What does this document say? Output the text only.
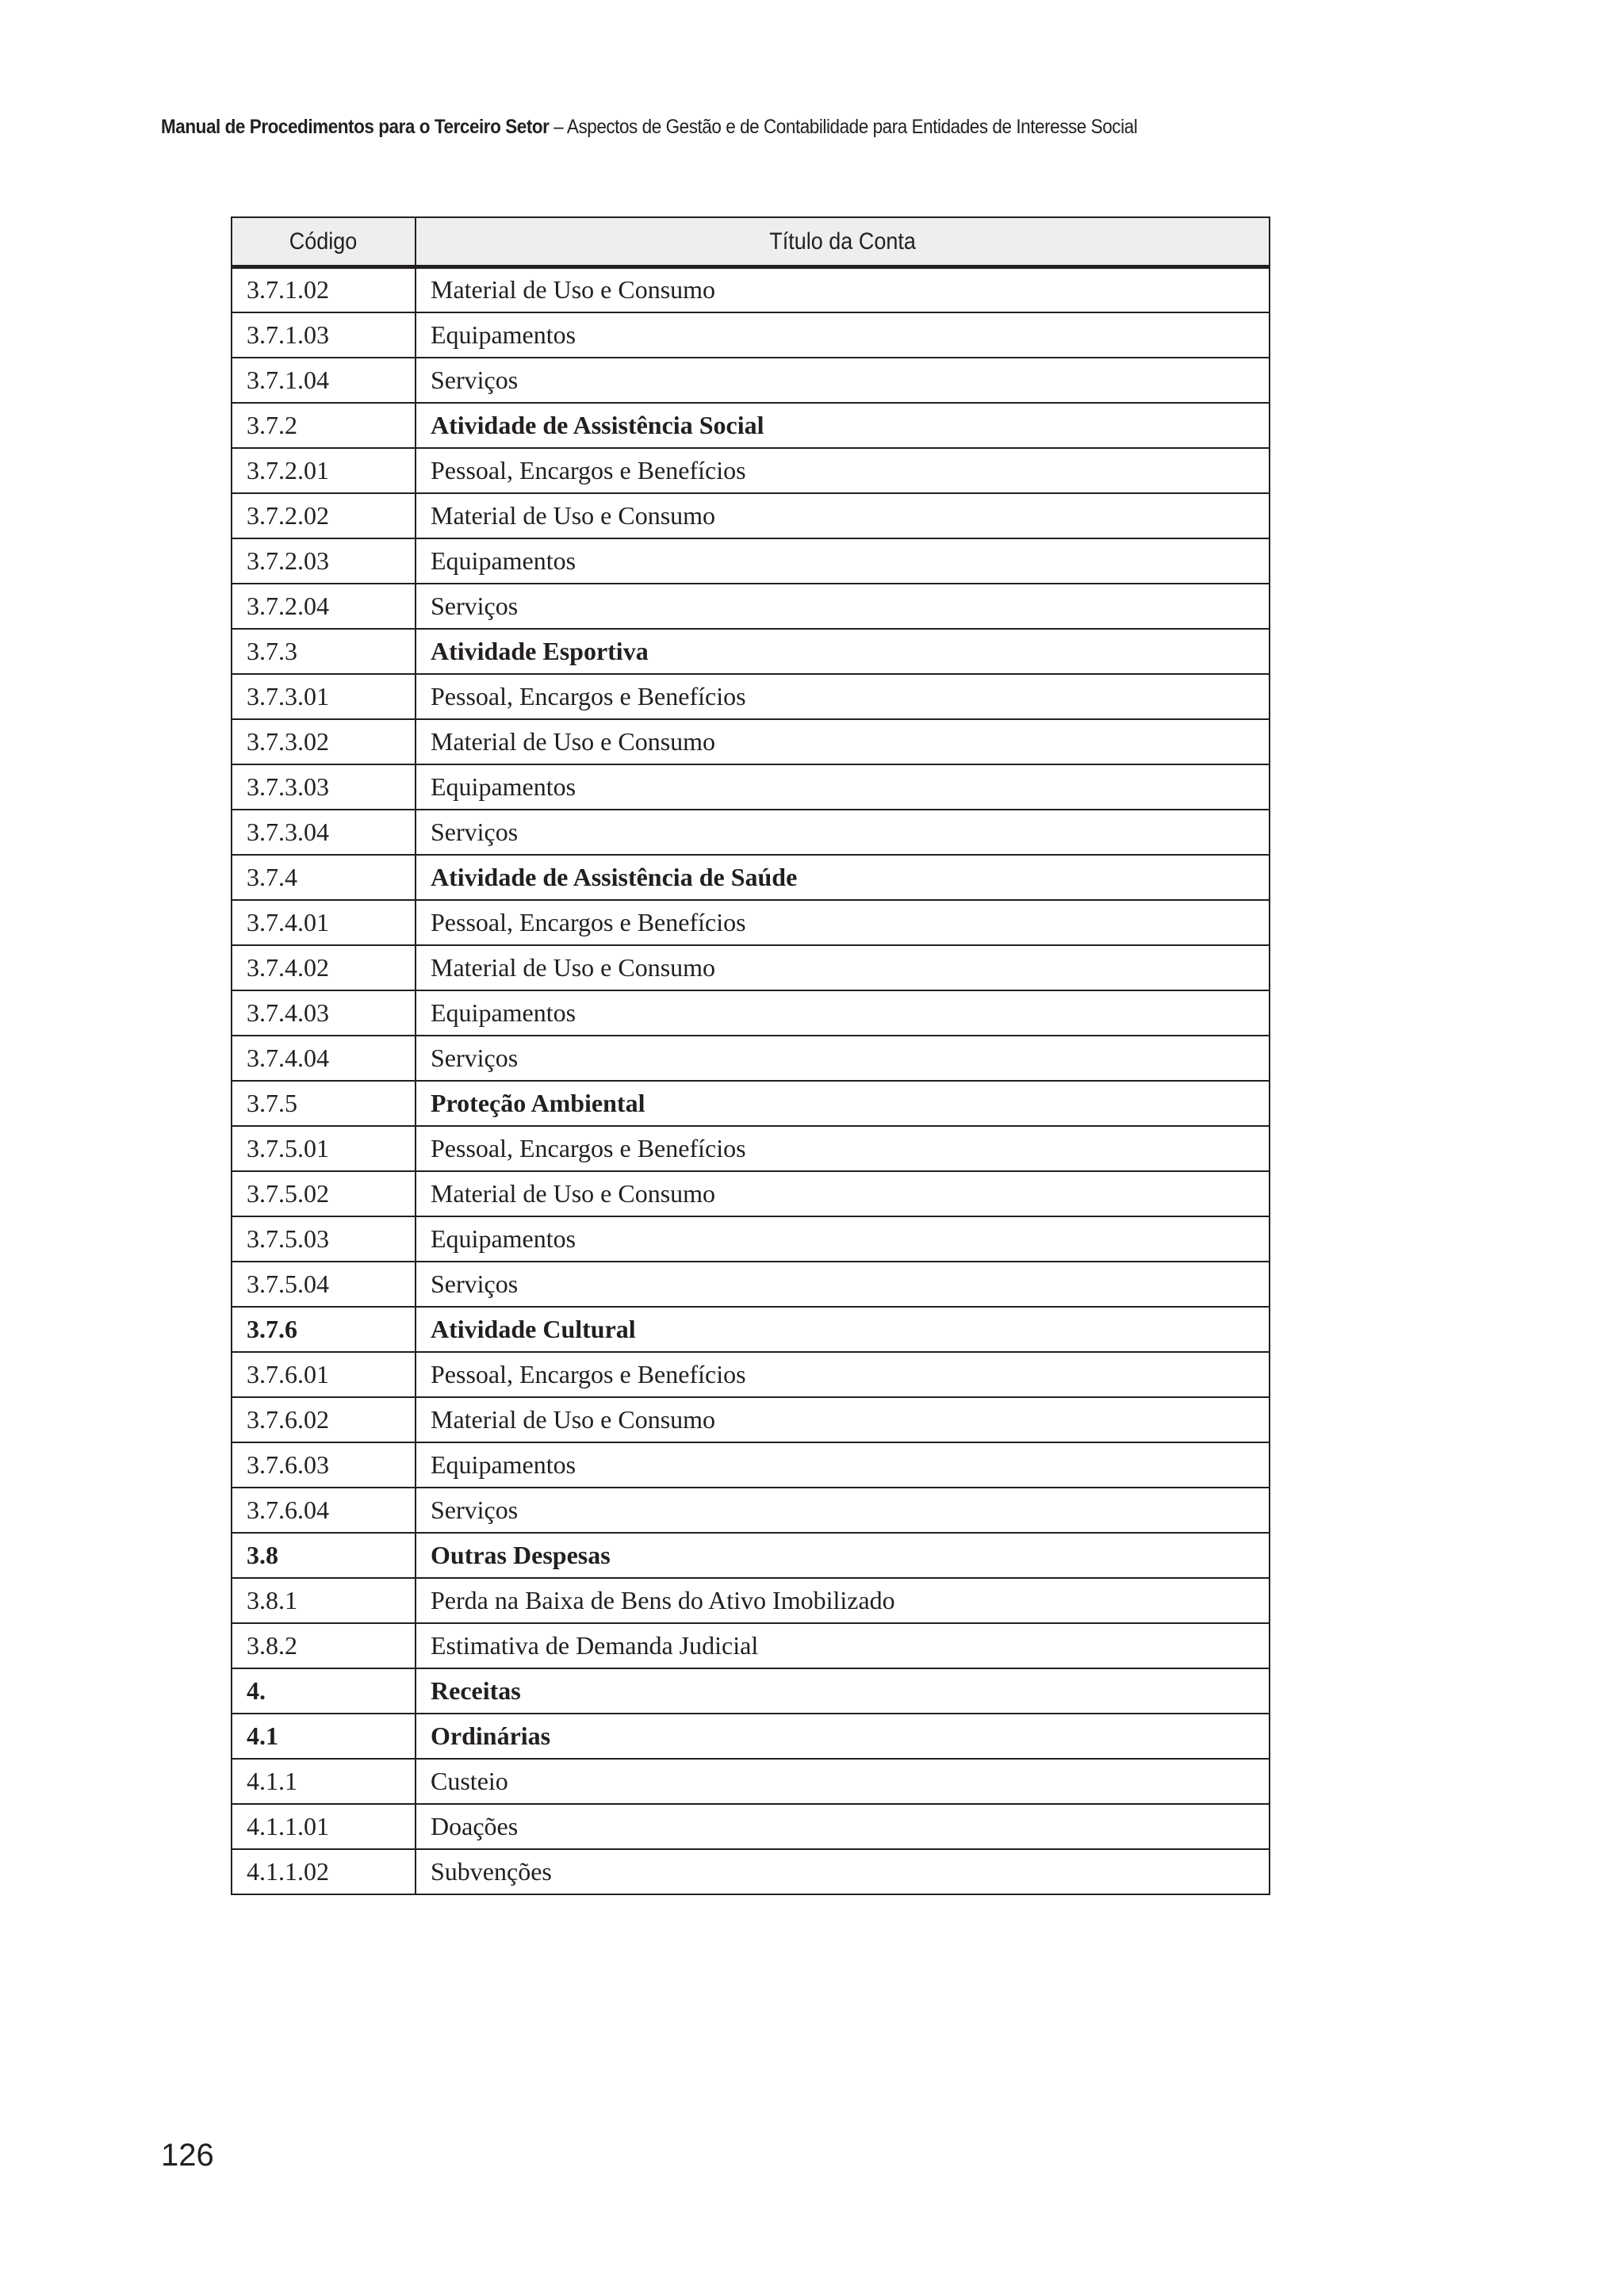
Manual de Procedimentos para o Terceiro Setor – Aspectos de Gestão e de Contabilidade para Entidades de Interesse Social
Código	Título da Conta
3.7.1.02	Material de Uso e Consumo
3.7.1.03	Equipamentos
3.7.1.04	Serviços
3.7.2	Atividade de Assistência Social
3.7.2.01	Pessoal, Encargos e Benefícios
3.7.2.02	Material de Uso e Consumo
3.7.2.03	Equipamentos
3.7.2.04	Serviços
3.7.3	Atividade Esportiva
3.7.3.01	Pessoal, Encargos e Benefícios
3.7.3.02	Material de Uso e Consumo
3.7.3.03	Equipamentos
3.7.3.04	Serviços
3.7.4	Atividade de Assistência de Saúde
3.7.4.01	Pessoal, Encargos e Benefícios
3.7.4.02	Material de Uso e Consumo
3.7.4.03	Equipamentos
3.7.4.04	Serviços
3.7.5	Proteção Ambiental
3.7.5.01	Pessoal, Encargos e Benefícios
3.7.5.02	Material de Uso e Consumo
3.7.5.03	Equipamentos
3.7.5.04	Serviços
3.7.6	Atividade Cultural
3.7.6.01	Pessoal, Encargos e Benefícios
3.7.6.02	Material de Uso e Consumo
3.7.6.03	Equipamentos
3.7.6.04	Serviços
3.8	Outras Despesas
3.8.1	Perda na Baixa de Bens do Ativo Imobilizado
3.8.2	Estimativa de Demanda Judicial
4.	Receitas
4.1	Ordinárias
4.1.1	Custeio
4.1.1.01	Doações
4.1.1.02	Subvenções
126
